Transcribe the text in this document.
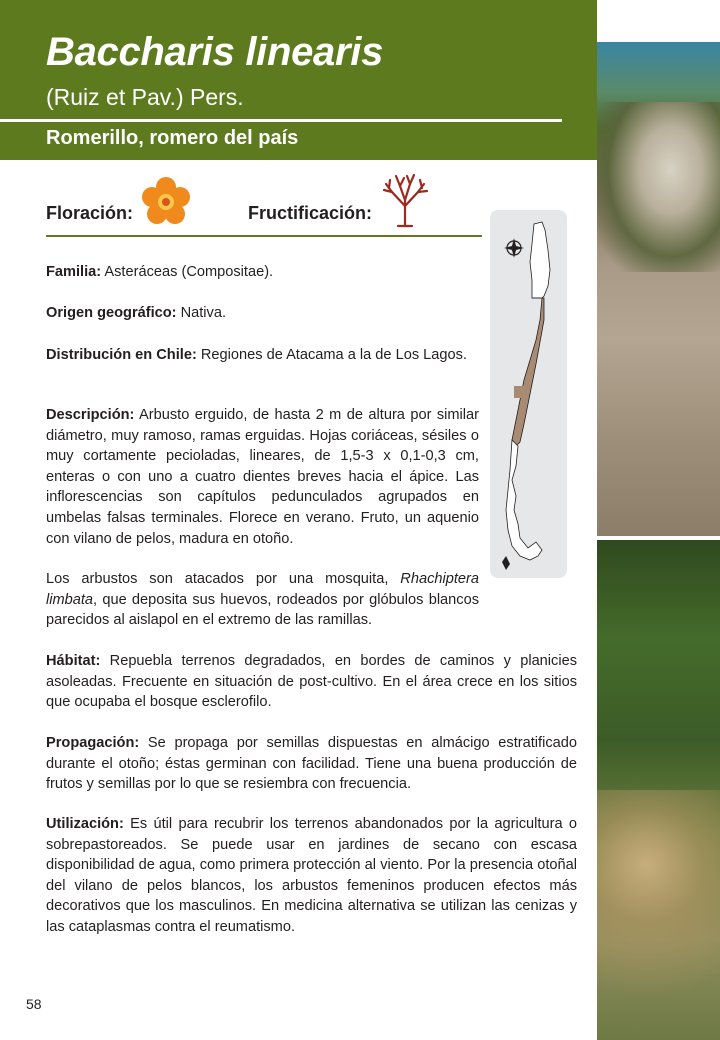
Baccharis linearis
(Ruiz et Pav.) Pers.
Romerillo, romero del país
Floración:	Fructificación:

Familia: Asteráceas (Compositae).

Origen geográfico: Nativa.

Distribución en Chile: Regiones de Atacama a la de Los Lagos.

Descripción: Arbusto erguido, de hasta 2 m de altura por similar diámetro, muy ramoso, ramas erguidas. Hojas coriáceas, sésiles o muy cortamente pecioladas, lineares, de 1,5-3 x 0,1-0,3 cm, enteras o con uno a cuatro dientes breves hacia el ápice. Las inflorescencias son capítulos pedunculados agrupados en umbelas falsas terminales. Florece en verano. Fruto, un aquenio con vilano de pelos, madura en otoño.

Los arbustos son atacados por una mosquita, Rhachiptera limbata, que deposita sus huevos, rodeados por glóbulos blancos parecidos al aislapol en el extremo de las ramillas.

Hábitat: Repuebla terrenos degradados, en bordes de caminos y planicies asoleadas. Frecuente en situación de post-cultivo. En el área crece en los sitios que ocupaba el bosque esclerofilo.

Propagación: Se propaga por semillas dispuestas en almácigo estratificado durante el otoño; éstas germinan con facilidad. Tiene una buena producción de frutos y semillas por lo que se resiembra con frecuencia.

Utilización: Es útil para recubrir los terrenos abandonados por la agricultura o sobrepastoreados. Se puede usar en jardines de secano con escasa disponibilidad de agua, como primera protección al viento. Por la presencia otoñal del vilano de pelos blancos, los arbustos femeninos producen efectos más decorativos que los masculinos. En medicina alternativa se utilizan las cenizas y las cataplasmas contra el reumatismo.

58
